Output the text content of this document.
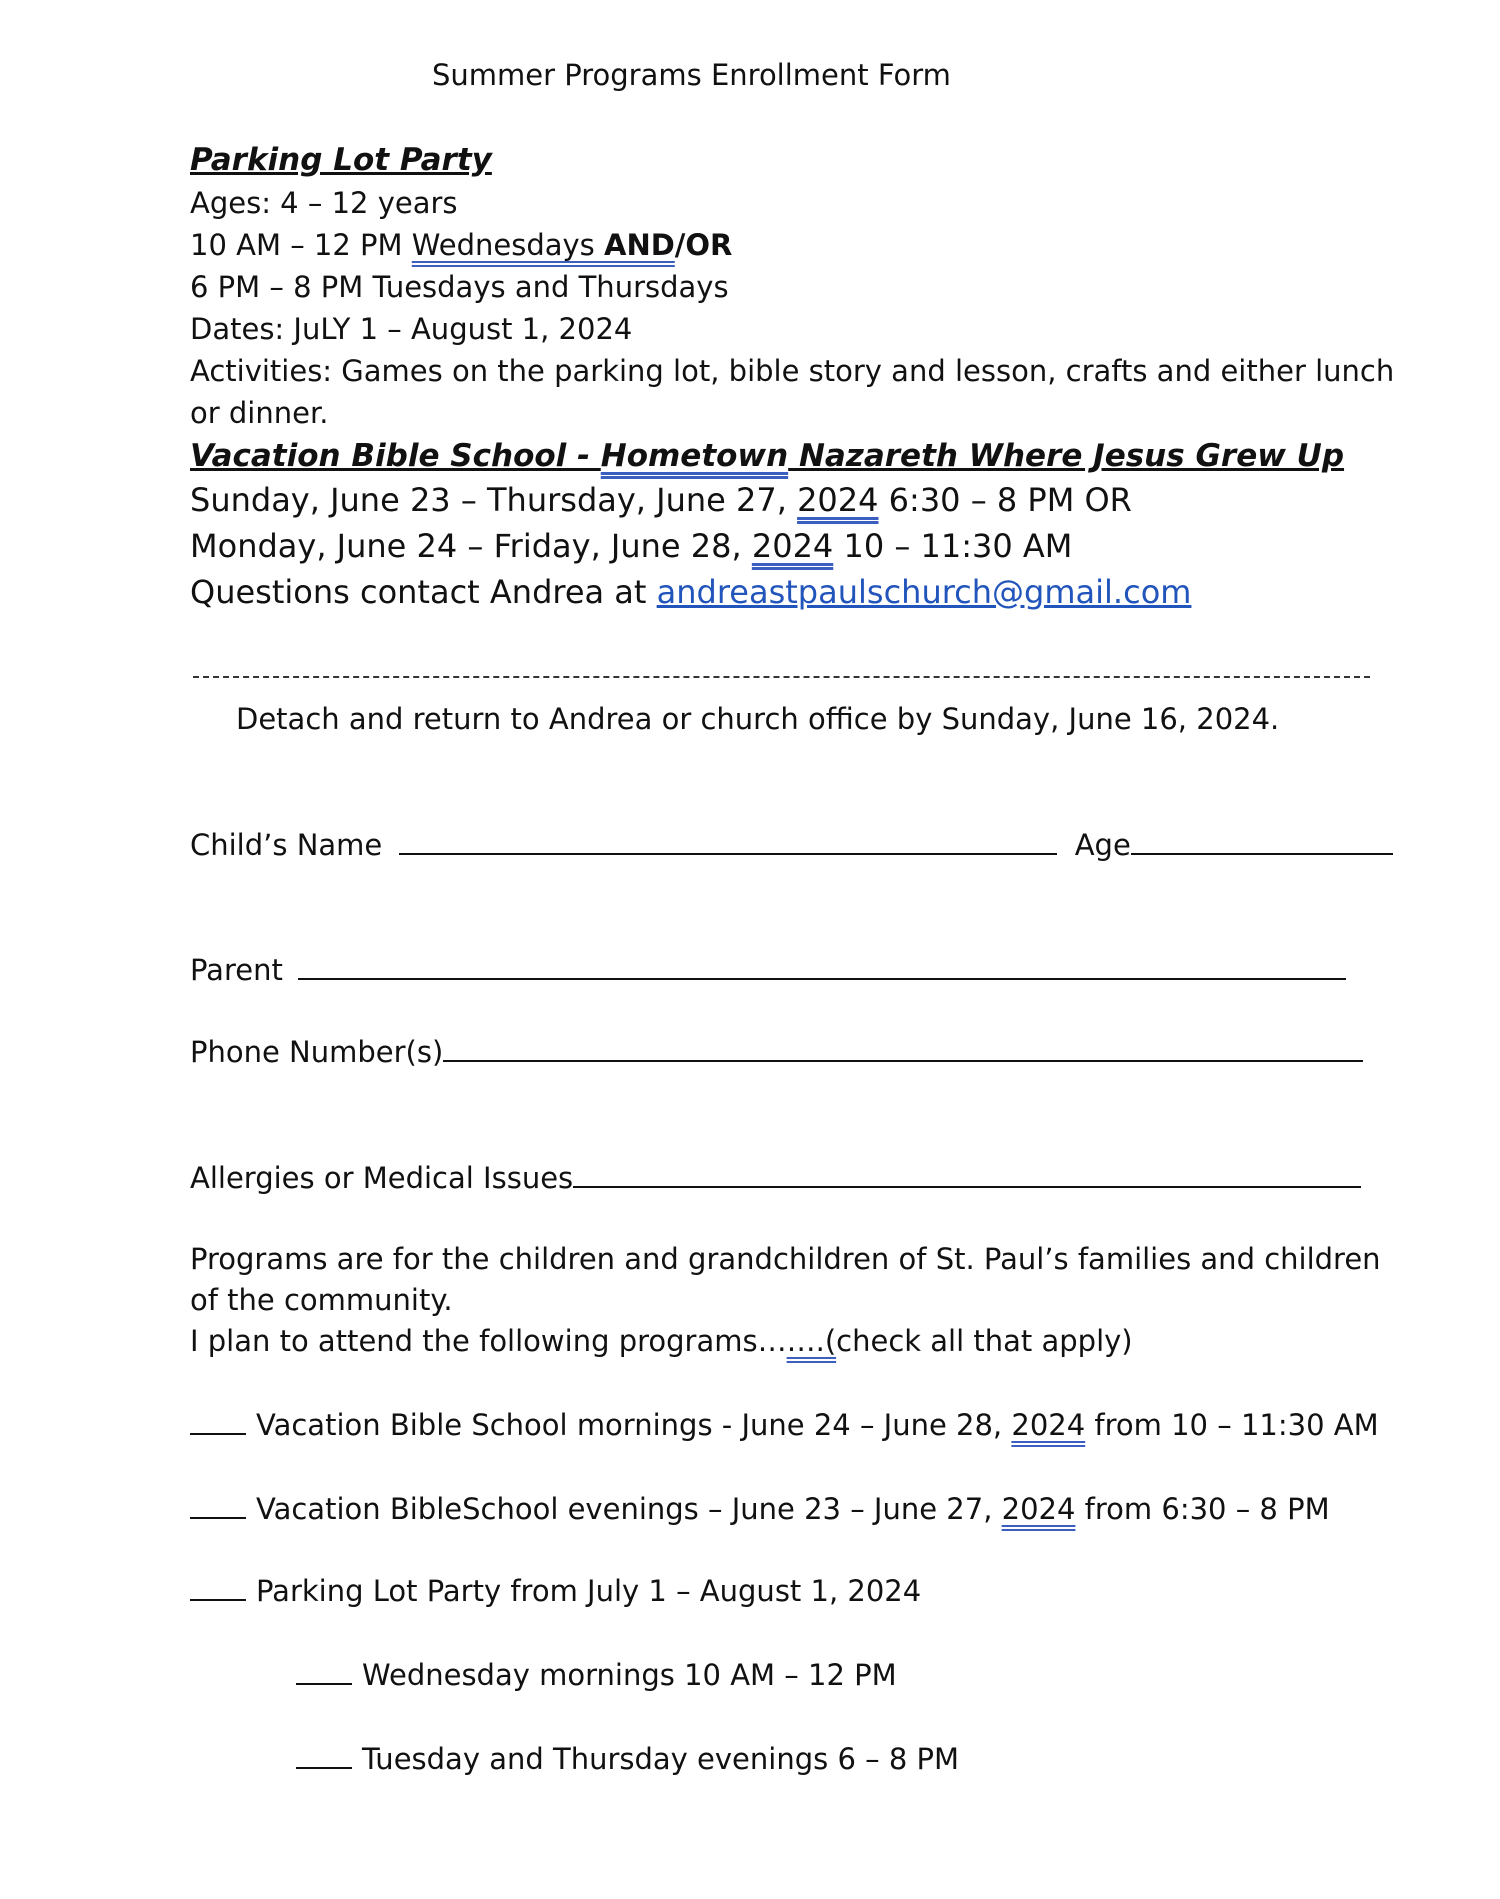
Summer Programs Enrollment Form
Parking Lot Party
Ages: 4 – 12 years
10 AM – 12 PM Wednesdays AND/OR
6 PM – 8 PM Tuesdays and Thursdays
Dates: JuLY 1 – August 1, 2024
Activities: Games on the parking lot, bible story and lesson, crafts and either lunch
or dinner.
Vacation Bible School - Hometown Nazareth Where Jesus Grew Up
Sunday, June 23 – Thursday, June 27, 2024 6:30 – 8 PM OR
Monday, June 24 – Friday, June 28, 2024 10 – 11:30 AM
Questions contact Andrea at andreastpaulschurch@gmail.com
Detach and return to Andrea or church office by Sunday, June 16, 2024.
Child’s Name	Age
Parent
Phone Number(s)
Allergies or Medical Issues
Programs are for the children and grandchildren of St. Paul’s families and children
of the community.
I plan to attend the following programs…….(check all that apply)
Vacation Bible School mornings - June 24 – June 28, 2024 from 10 – 11:30 AM
Vacation BibleSchool evenings – June 23 – June 27, 2024 from 6:30 – 8 PM
Parking Lot Party from July 1 – August 1, 2024
Wednesday mornings 10 AM – 12 PM
Tuesday and Thursday evenings 6 – 8 PM
